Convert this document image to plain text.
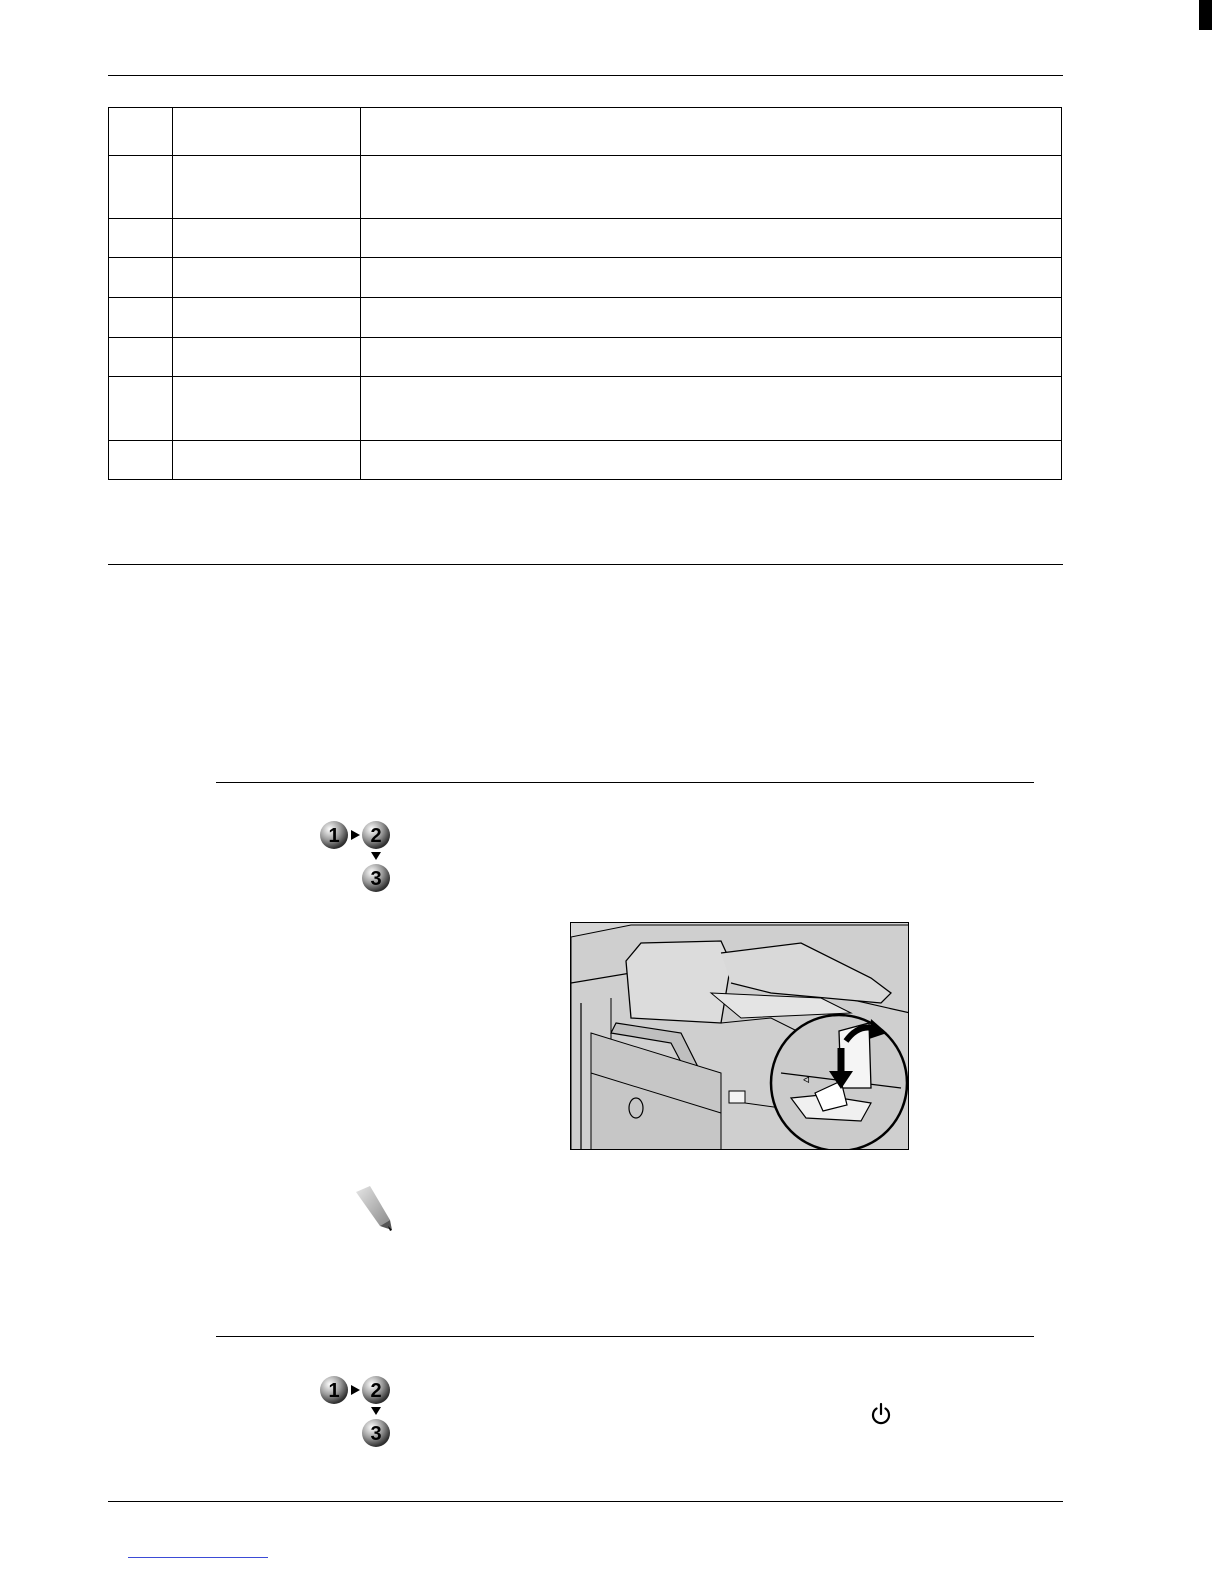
1 2
3
ᐊ
1 2
3
